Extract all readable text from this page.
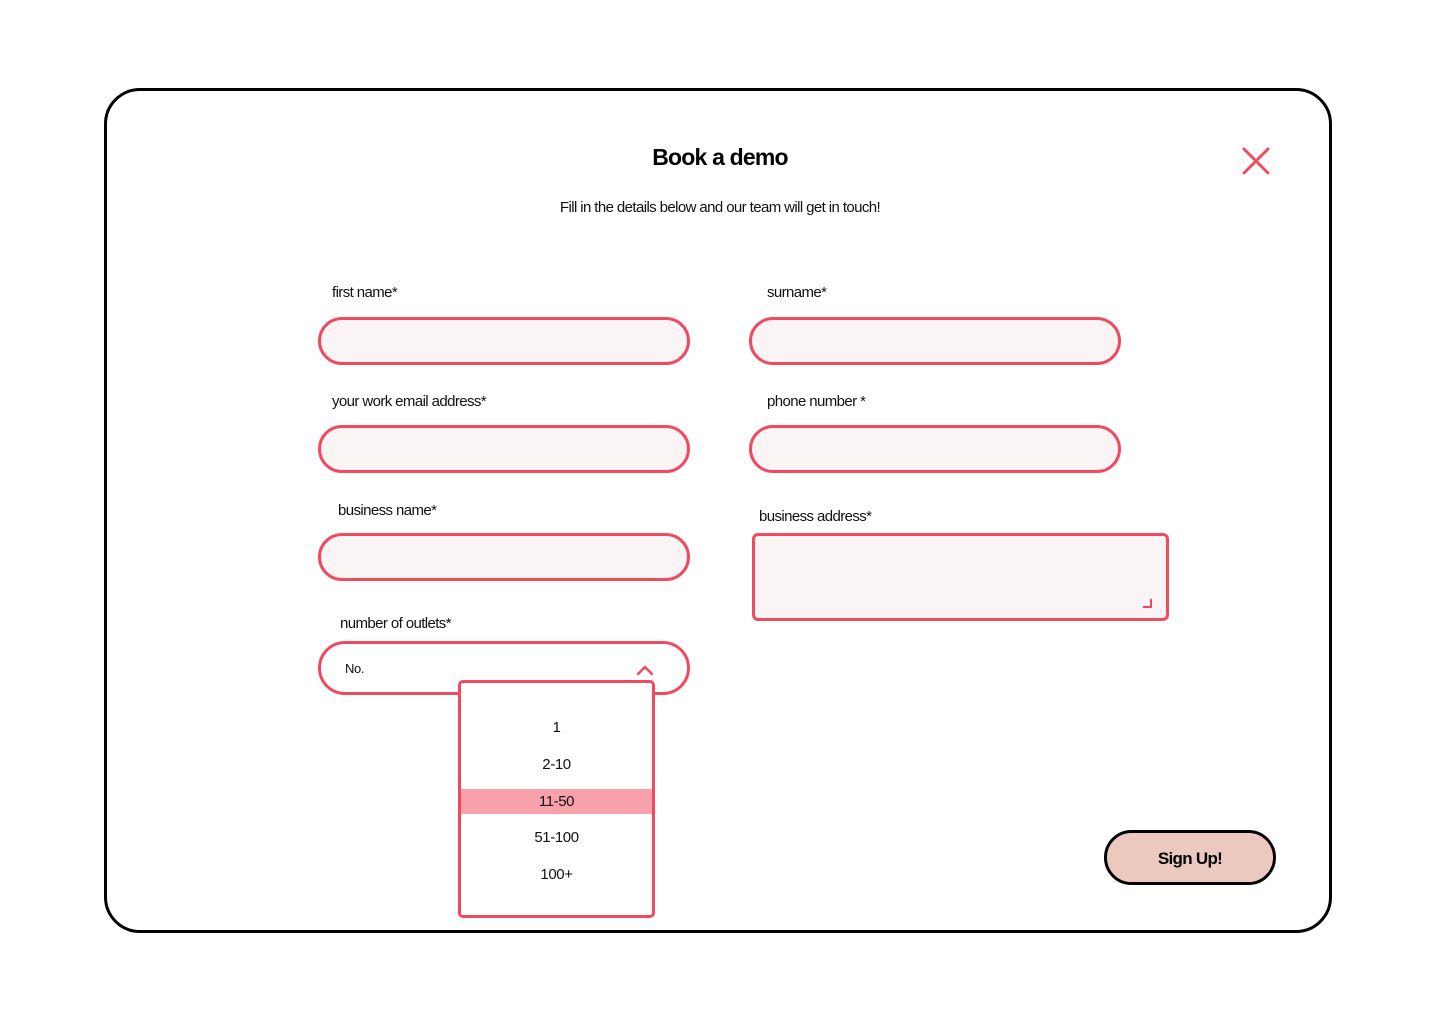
Book a demo
Fill in the details below and our team will get in touch!
first name*	surname*
your work email address*	phone number *
business name*	business address*
number of outlets*
No.
1
2-10
11-50
51-100
100+
Sign Up!
